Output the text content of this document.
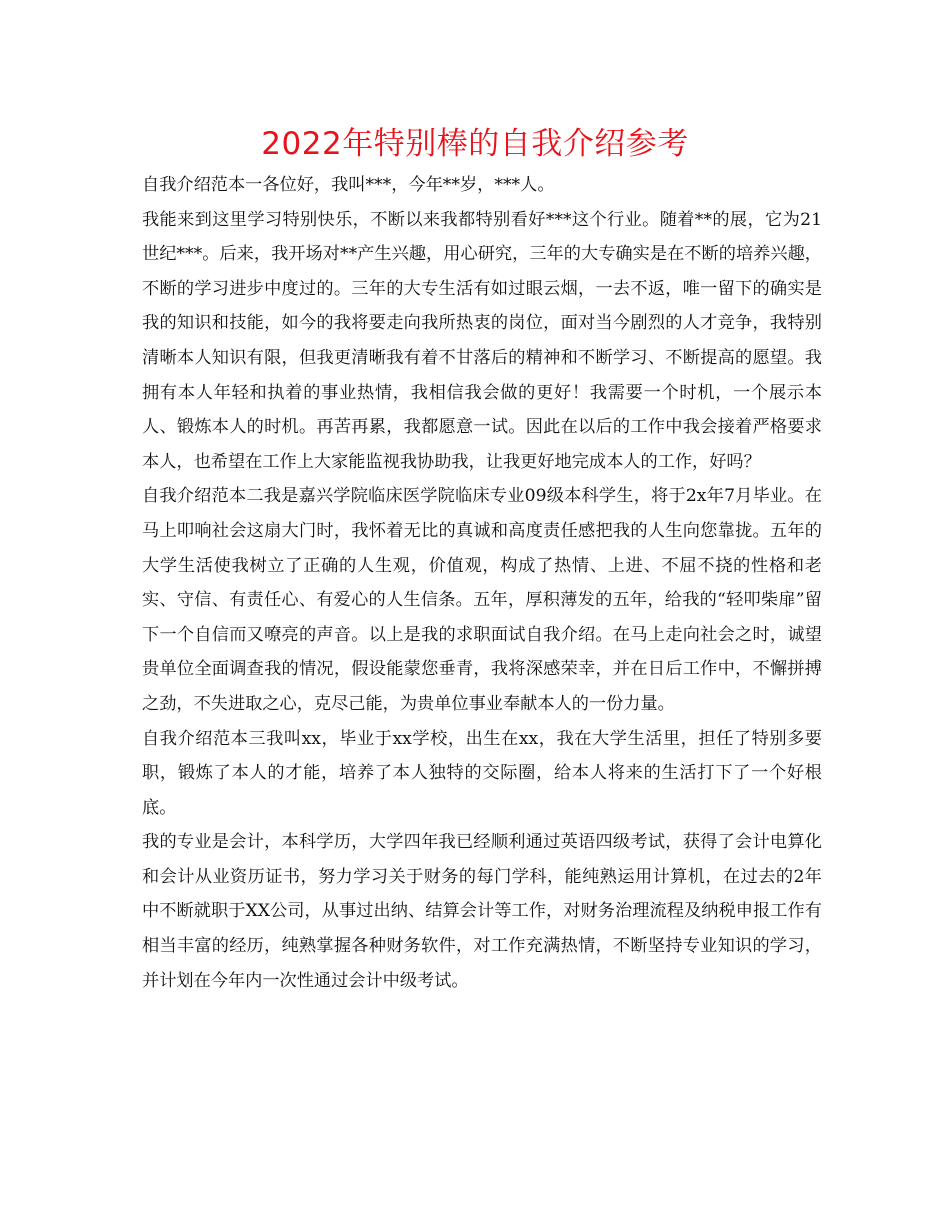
2022年特别棒的自我介绍参考

自我介绍范本一各位好，我叫***，今年**岁，***人。

我能来到这里学习特别快乐，不断以来我都特别看好***这个行业。随着**的展，它为21世纪***。后来，我开场对**产生兴趣，用心研究，三年的大专确实是在不断的培养兴趣，不断的学习进步中度过的。三年的大专生活有如过眼云烟，一去不返，唯一留下的确实是我的知识和技能，如今的我将要走向我所热衷的岗位，面对当今剧烈的人才竞争，我特别清晰本人知识有限，但我更清晰我有着不甘落后的精神和不断学习、不断提高的愿望。我拥有本人年轻和执着的事业热情，我相信我会做的更好！我需要一个时机，一个展示本人、锻炼本人的时机。再苦再累，我都愿意一试。因此在以后的工作中我会接着严格要求本人，也希望在工作上大家能监视我协助我，让我更好地完成本人的工作，好吗？

自我介绍范本二我是嘉兴学院临床医学院临床专业09级本科学生，将于2x年7月毕业。在马上叩响社会这扇大门时，我怀着无比的真诚和高度责任感把我的人生向您靠拢。五年的大学生活使我树立了正确的人生观，价值观，构成了热情、上进、不屈不挠的性格和老实、守信、有责任心、有爱心的人生信条。五年，厚积薄发的五年，给我的“轻叩柴扉”留下一个自信而又嘹亮的声音。以上是我的求职面试自我介绍。在马上走向社会之时，诚望贵单位全面调查我的情况，假设能蒙您垂青，我将深感荣幸，并在日后工作中，不懈拼搏之劲，不失进取之心，克尽己能，为贵单位事业奉献本人的一份力量。

自我介绍范本三我叫xx，毕业于xx学校，出生在xx，我在大学生活里，担任了特别多要职，锻炼了本人的才能，培养了本人独特的交际圈，给本人将来的生活打下了一个好根底。

我的专业是会计，本科学历，大学四年我已经顺利通过英语四级考试，获得了会计电算化和会计从业资历证书，努力学习关于财务的每门学科，能纯熟运用计算机，在过去的2年中不断就职于XX公司，从事过出纳、结算会计等工作，对财务治理流程及纳税申报工作有相当丰富的经历，纯熟掌握各种财务软件，对工作充满热情，不断坚持专业知识的学习，并计划在今年内一次性通过会计中级考试。
